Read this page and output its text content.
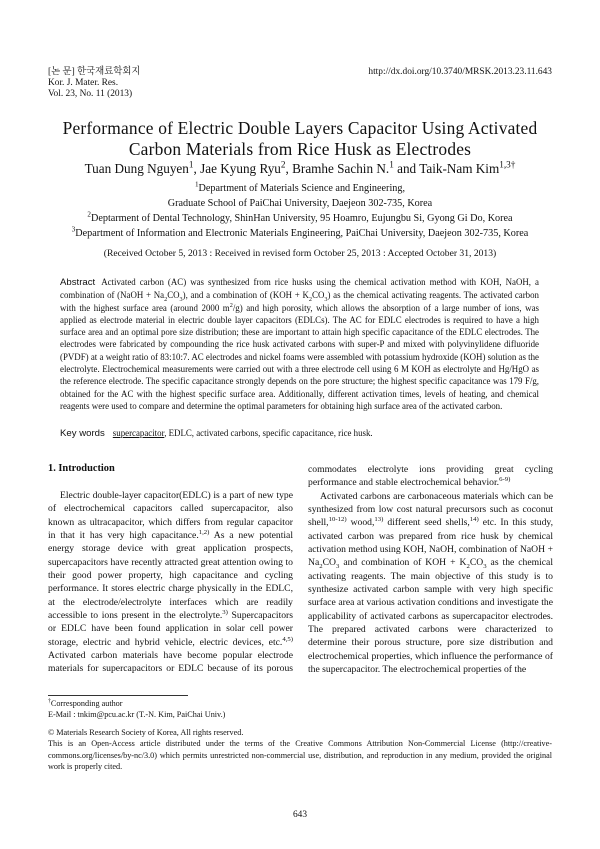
[논 문] 한국재료학회지
Kor. J. Mater. Res.
Vol. 23, No. 11 (2013)
http://dx.doi.org/10.3740/MRSK.2013.23.11.643
Performance of Electric Double Layers Capacitor Using Activated
Carbon Materials from Rice Husk as Electrodes
Tuan Dung Nguyen$^1$, Jae Kyung Ryu$^2$, Bramhe Sachin N.$^1$ and Taik-Nam Kim$^{1,3\dagger}$
$^1$Department of Materials Science and Engineering,
Graduate School of PaiChai University, Daejeon 302-735, Korea
$^2$Deptarment of Dental Technology, ShinHan University, 95 Hoamro, Eujungbu Si, Gyong Gi Do, Korea
$^3$Department of Information and Electronic Materials Engineering, PaiChai University, Daejeon 302-735, Korea
(Received October 5, 2013 : Received in revised form October 25, 2013 : Accepted October 31, 2013)
Abstract Activated carbon (AC) was synthesized from rice husks using the chemical activation method with KOH, NaOH, a combination of (NaOH + $Na_2CO_3$), and a combination of $(KOH + K_2CO_3)$ as the chemical activating reagents. The activated carbon with the highest surface area (around 2000 $m^2/g$) and high porosity, which allows the absorption of a large number of ions, was applied as electrode material in electric double layer capacitors (EDLCs). The AC for EDLC electrodes is required to have a high surface area and an optimal pore size distribution; these are important to attain high specific capacitance of the EDLC electrodes. The electrodes were fabricated by compounding the rice husk activated carbons with super-P and mixed with polyvinylidene difluoride (PVDF) at a weight ratio of 83:10:7. AC electrodes and nickel foams were assembled with potassium hydroxide (KOH) solution as the electrolyte. Electrochemical measurements were carried out with a three electrode cell using 6 M KOH as electrolyte and Hg/HgO as the reference electrode. The specific capacitance strongly depends on the pore structure; the highest specific capacitance was 179 F/g, obtained for the AC with the highest specific surface area. Additionally, different activation times, levels of heating, and chemical reagents were used to compare and determine the optimal parameters for obtaining high surface area of the activated carbon.
Key words supercapacitor, EDLC, activated carbons, specific capacitance, rice husk.
1. Introduction

Electric double-layer capacitor(EDLC) is a part of new type of electrochemical capacitors called supercapacitor, also known as ultracapacitor, which differs from regular capacitor in that it has very high capacitance.$^{1,2)}$ As a new potential energy storage device with great application prospects, supercapacitors have recently attracted great attention owing to their good power property, high capacitance and cycling performance. It stores electric charge physically in the EDLC, at the electrode/electrolyte interfaces which are readily accessible to ions present in the electrolyte.$^{3)}$ Supercapacitors or EDLC have been found application in solar cell power storage, electric and hybrid vehicle, electric devices, etc.$^{4,5)}$ Activated carbon materials have become popular electrode materials for supercapacitors or EDLC because of its porous

commodates electrolyte ions providing great cycling performance and stable electrochemical behavior.$^{6-9)}$

Activated carbons are carbonaceous materials which can be synthesized from low cost natural precursors such as coconut shell,$^{10-12)}$ wood,$^{13)}$ different seed shells,$^{14)}$ etc. In this study, activated carbon was prepared from rice husk by chemical activation method using KOH, NaOH, combination of NaOH + $Na_2CO_3$ and combination of KOH + $K_2CO_3$ as the chemical activating reagents. The main objective of this study is to synthesize activated carbon sample with very high specific surface area at various activation conditions and investigate the applicability of activated carbons as supercapacitor electrodes. The prepared activated carbons were characterized to determine their porous structure, pore size distribution and electrochemical properties, which influence the performance of the supercapacitor. The electrochemical properties of the

†Corresponding author
E-Mail : tnkim@pcu.ac.kr (T.-N. Kim, PaiChai Univ.)
© Materials Research Society of Korea, All rights reserved.
This is an Open-Access article distributed under the terms of the Creative Commons Attribution Non-Commercial License (http://creative-commons.org/licenses/by-nc/3.0) which permits unrestricted non-commercial use, distribution, and reproduction in any medium, provided the original work is properly cited.
643
